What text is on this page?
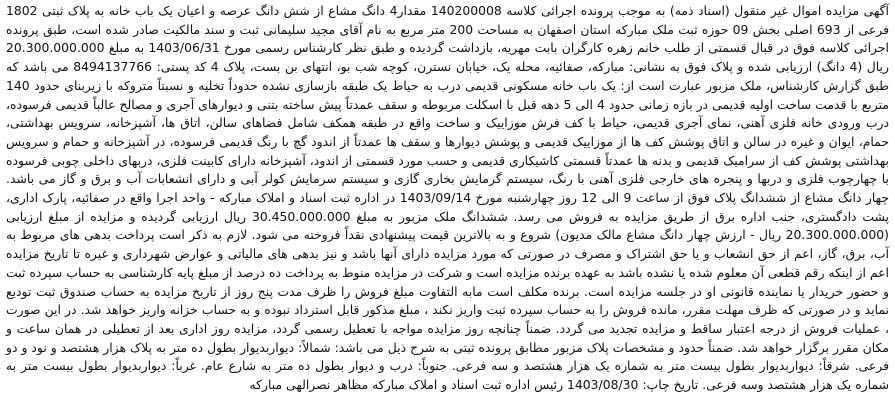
آگهی مزایده اموال غیر منقول (اسناد ذمه) به موجب پرونده اجرائی کلاسه 140200008 مقدار4 دانگ مشاع از شش دانگ عرصه و اعیان یک باب خانه به پلاک ثبتی 1802 فرعی از 693 اصلی بخش 09 حوزه ثبت ملک مبارکه استان اصفهان به مساحت 200 متر مربع به نام آقای مجید سلیمانی ثبت و سند مالکیت صادر شده است، طبق پرونده اجرائی کلاسه فوق در قبال قسمتی از طلب خانم زهره کارگران بابت مهریه، بازداشت گردیده و طبق نظر کارشناس رسمی مورخ 1403/06/31 به مبلغ 20.300.000.000 ریال (4 دانگ) ارزیابی شده و پلاک فوق به نشانی: مبارکه، صفائیه، محله یک، خیابان نسترن، کوچه شب بو، انتهای بن بست، پلاک 4 کد پستی: 8494137766 می باشد که طبق گزارش کارشناس، ملک مزبور عبارت است از: یک باب خانه مسکونی قدیمی درب به حیاط یک طبقه بازسازی نشده حدوداً تخلیه و نسبتاً متروکه با زیربنای حدود 140 متربع با قدمت ساخت اولیه قدیمی در بازه زمانی حدود 4 الی 5 دهه قبل با اسکلت مربوطه و سقف عمدتاً پیش ساخته بتنی و دیوارهای آجری و مصالح عالباً قدیمی فرسوده، درب ورودی خانه فلزی آهنی، نمای آجری قدیمی، حیاط با کف فرش موزاییک و ساخت واقع در طبقه همکف شامل فضاهای سالن، اتاق ها، آشپزخانه، سرویس بهداشتی، حمام، ایوان و غیره در سالن و اتاق پوشش کف ها از موزاییک قدیمی و پوشش دیوارها و سقف ها عمدتاً از اندود گچ با رنگ قدیمی فرسوده، در آشپزخانه و حمام و سرویس بهداشتی پوشش کف از سرامیک قدیمی و بدنه ها عمدتاً قسمتی کاشیکاری قدیمی و حسب مورد قسمتی از اندود، آشپزخانه دارای کابینت فلزی، دربهای داخلی چوبی فرسوده با چهارچوب فلزی و دربها و پنجره های خارجی فلزی آهنی با رنگ، سیستم گرمایش بخاری گازی و سیستم سرمایش کولر آبی و دارای انشعابات آب و برق و گاز می باشد. چهار دانگ مشاع از ششدانگ پلاک فوق از ساعت 9 الی 12 روز چهارشنبه مورخ 1403/09/14 در اداره ثبت اسناد و املاک مبارکه - واحد اجرا واقع در صفائیه، پارک اداری، پشت دادگستری، جنب اداره برق از طریق مزایده به فروش می رسد. ششدانگ ملک مزبور به مبلغ 30.450.000.000 ریال ارزیابی گردیده و مزایده از مبلغ ارزیابی (20.300.000.000 ریال - ارزش چهار دانگ مشاع مالک مدیون) شروع و به بالاترین قیمت پیشنهادی نقداً فروخته می شود. لازم به ذکر است پرداخت بدهی های مربوط به آب، برق، گاز، اعم از حق انشعاب و یا حق اشتراک و مصرف در صورتی که مورد مزایده دارای آنها باشد و نیز بدهی های مالیاتی و عوارض شهرداری و غیره تا تاریخ مزایده اعم از اینکه رقم قطعی آن معلوم شده یا نشده باشد به عهده برنده مزایده است و شرکت در مزایده منوط به پرداخت ده درصد از مبلغ پایه کارشناسی به حساب سپرده ثبت و حضور خریدار یا نماینده قانونی او در جلسه مزایده است. برنده مکلف است مابه التفاوت مبلغ فروش را ظرف مدت پنج روز از تاریخ مزایده به حساب صندوق ثبت تودیع نماید و در صورتی که ظرف مهلت مقرر، مانده فروش را به حساب سپرده ثبت واریز نکند ، مبلغ مذکور قابل استرداد نبوده و به حساب خزانه واریز خواهد شد. در این صورت ، عملیات فروش از درجه اعتبار ساقط و مزایده تجدید می گردد. ضمناً چنانچه روز مزایده مواجه با تعطیل رسمی گردد، مزایده روز اداری بعد از تعطیلی در همان ساعت و مکان مقرر برگزار خواهد شد. ضمناً حدود و مشخصات پلاک مزبور مطابق پرونده ثبتی به شرح ذیل می باشد: شمالاً: دیواربدیوار بطول ده متر به پلاک هزار هشتصد و نود و دو فرعی. شرقاً: دیواربدیوار بطول بیست متر به شماره یک هزار هشتصد و سه فرعی. جنوباً: درب و دیوار بطول ده متر به شارع عام. غرباً: دیواربدیوار بطول بیست متر به شماره یک هزار هشتصد وسه فرعی. تاریخ چاپ: 1403/08/30 رئیس اداره ثبت اسناد و املاک مبارکه مظاهر نصرالهی مبارکه
